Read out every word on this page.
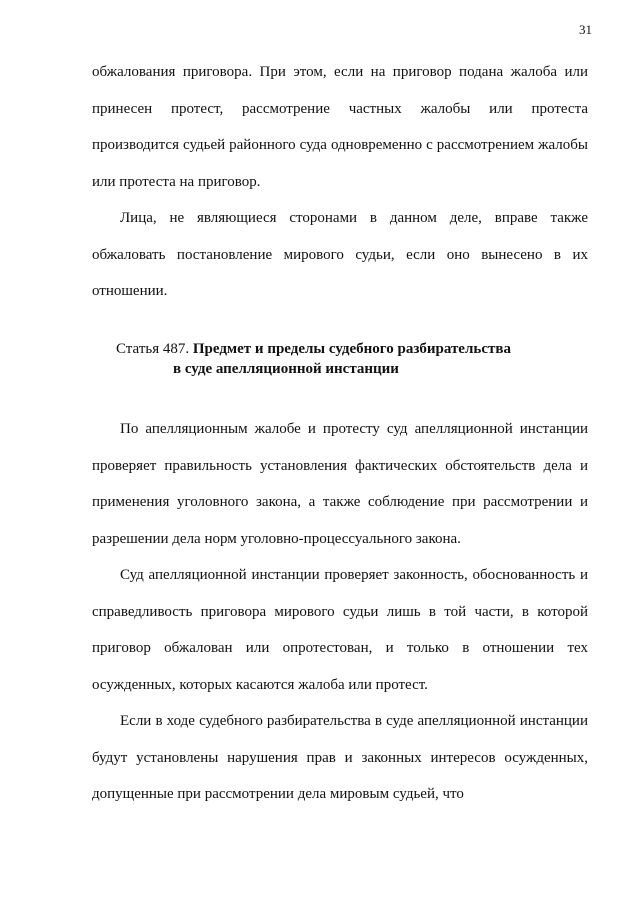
31

обжалования приговора. При этом, если на приговор подана жалоба или принесен протест, рассмотрение частных жалобы или протеста производится судьей районного суда одновременно с рассмотрением жалобы или протеста на приговор.

Лица, не являющиеся сторонами в данном деле, вправе также обжаловать постановление мирового судьи, если оно вынесено в их отношении.

Статья 487. Предмет и пределы судебного разбирательства
в суде апелляционной инстанции

По апелляционным жалобе и протесту суд апелляционной инстанции проверяет правильность установления фактических обстоятельств дела и применения уголовного закона, а также соблюдение при рассмотрении и разрешении дела норм уголовно-процессуального закона.

Суд апелляционной инстанции проверяет законность, обоснованность и справедливость приговора мирового судьи лишь в той части, в которой приговор обжалован или опротестован, и только в отношении тех осужденных, которых касаются жалоба или протест.

Если в ходе судебного разбирательства в суде апелляционной инстанции будут установлены нарушения прав и законных интересов осужденных, допущенные при рассмотрении дела мировым судьей, что
